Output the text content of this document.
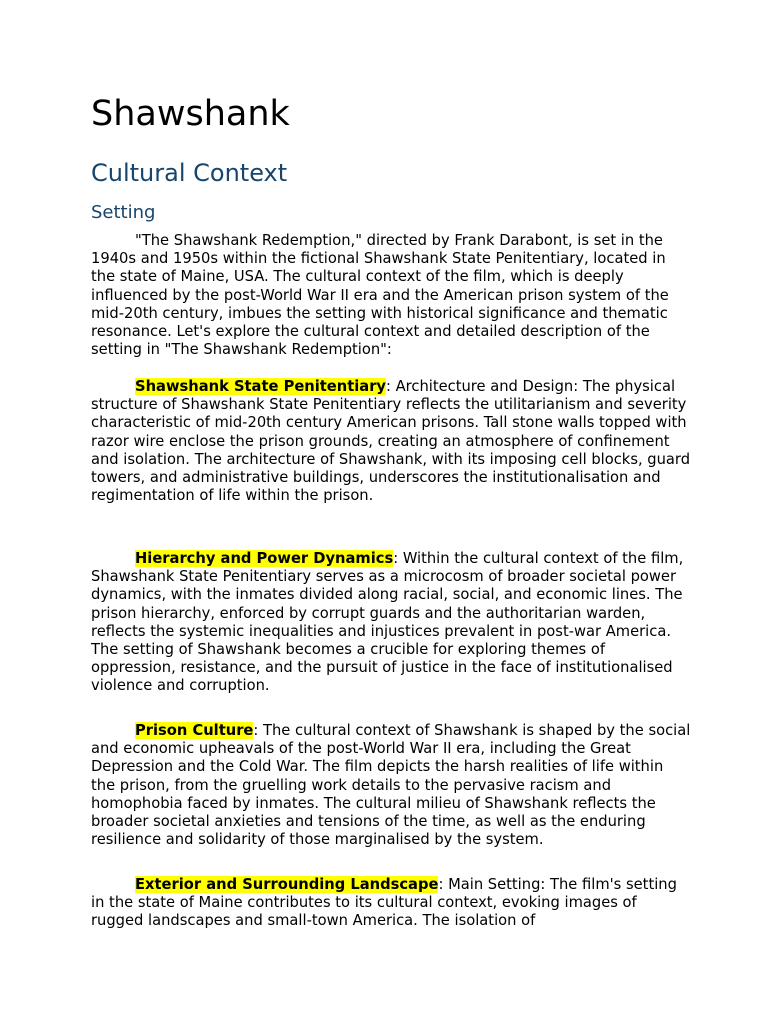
Shawshank
Cultural Context
Setting

"The Shawshank Redemption," directed by Frank Darabont, is set in the 1940s and 1950s within the fictional Shawshank State Penitentiary, located in the state of Maine, USA. The cultural context of the film, which is deeply influenced by the post-World War II era and the American prison system of the mid-20th century, imbues the setting with historical significance and thematic resonance. Let's explore the cultural context and detailed description of the setting in "The Shawshank Redemption":

Shawshank State Penitentiary: Architecture and Design: The physical structure of Shawshank State Penitentiary reflects the utilitarianism and severity characteristic of mid-20th century American prisons. Tall stone walls topped with razor wire enclose the prison grounds, creating an atmosphere of confinement and isolation. The architecture of Shawshank, with its imposing cell blocks, guard towers, and administrative buildings, underscores the institutionalisation and regimentation of life within the prison.

Hierarchy and Power Dynamics: Within the cultural context of the film, Shawshank State Penitentiary serves as a microcosm of broader societal power dynamics, with the inmates divided along racial, social, and economic lines. The prison hierarchy, enforced by corrupt guards and the authoritarian warden, reflects the systemic inequalities and injustices prevalent in post-war America. The setting of Shawshank becomes a crucible for exploring themes of oppression, resistance, and the pursuit of justice in the face of institutionalised violence and corruption.

Prison Culture: The cultural context of Shawshank is shaped by the social and economic upheavals of the post-World War II era, including the Great Depression and the Cold War. The film depicts the harsh realities of life within the prison, from the gruelling work details to the pervasive racism and homophobia faced by inmates. The cultural milieu of Shawshank reflects the broader societal anxieties and tensions of the time, as well as the enduring resilience and solidarity of those marginalised by the system.

Exterior and Surrounding Landscape: Main Setting: The film's setting in the state of Maine contributes to its cultural context, evoking images of rugged landscapes and small-town America. The isolation of
